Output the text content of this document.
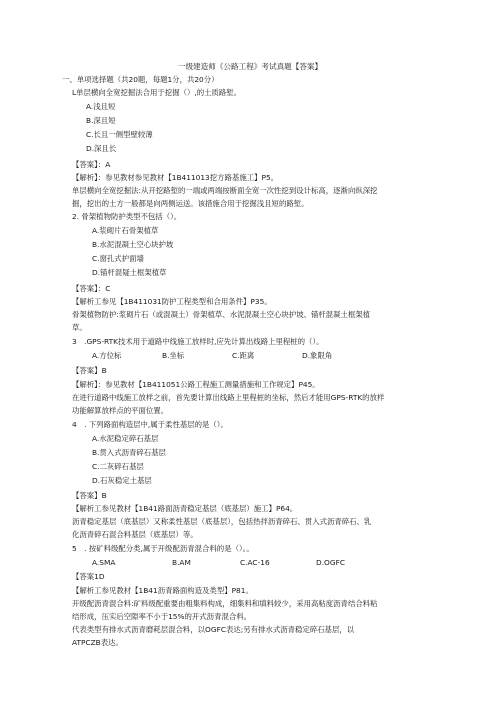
一级建造师《公路工程》考试真题【答案】
一、单项选择题（共20题，每题1分，共20分）
L单层横向全宽挖掘法合用于挖掘（）,的土质路堑。
A.浅且短
B.深且短
C.长且一侧型壁较薄
D.深且长
【答案】：A
【解析】：参见教材参见教材【1B411013挖方路基施工】P5。
单层横向全宽挖掘法:从开挖路堑的一端或两端按断面全宽一次性挖到设计标高，逐渐向纵深挖
掘，挖出的土方一般都是向两侧运送。该措施合用于挖掘浅且短的路堑。
2. 骨架植物防护类型不包括（）。
A.浆砌片石骨架植草
B.水泥混凝土空心块护坡
C.窗孔式护面墙
D.锚杆混疑土框架植草
【答案】：C
【解析工参见【1B411031防护工程类型和合用条件】P35。
骨架植物防护:浆砌片石（或混凝土）骨架植草、水泥混凝土空心块护坡、锚杆混凝土框架植
草。
3　.GPS-RTK技术用于道路中线施工放样时,应先计算出线路上里程桩的（）。
A.方位标	B.坐标	C.距离	D.象限角
【答案】B
【解析】：参见教材【1B411051公路工程施工测量措施和工作规定】P45。
在进行道路中线施工放样之前，首先要计算出线路上里程桩的坐标，然后才能用GPS-RTK的放样
功能解算放样点的平面位置。
4　. 下列路面构造层中,属于柔性基层的是（）。
A.水泥稳定碎石基层
B.贯入式沥青碎石基层
C.二灰碎石基层
D.石灰稳定土基层
【答案】B
【解析工参见教材【1B41路面沥青稳定基层（底基层）施工】P64。
沥青稳定基层（底基层）又称柔性基层（底基层），包括热拌沥青碎石、贯入式沥青碎石、乳
化沥青碎石混合料基层（底基层）等。
5　. 按矿料级配分类,属于开级配沥青混合料的是（）。。
A.SMA	B.AM	C.AC-16	D.OGFC
【答案1D
【解析工参见教材【1B41沥青路面构造及类型】P81。
开级配沥青混合料:矿料级配重要由粗集料构成，细集料和填料较少，采用高粘度沥青结合料粘
结形成，压实后空隙率不小于15%的开式沥青混合料。
代表类型有排水式沥青磨耗层混合料，以OGFC表达;另有排水式沥青稳定碎石基层，以
ATPCZB表达。
